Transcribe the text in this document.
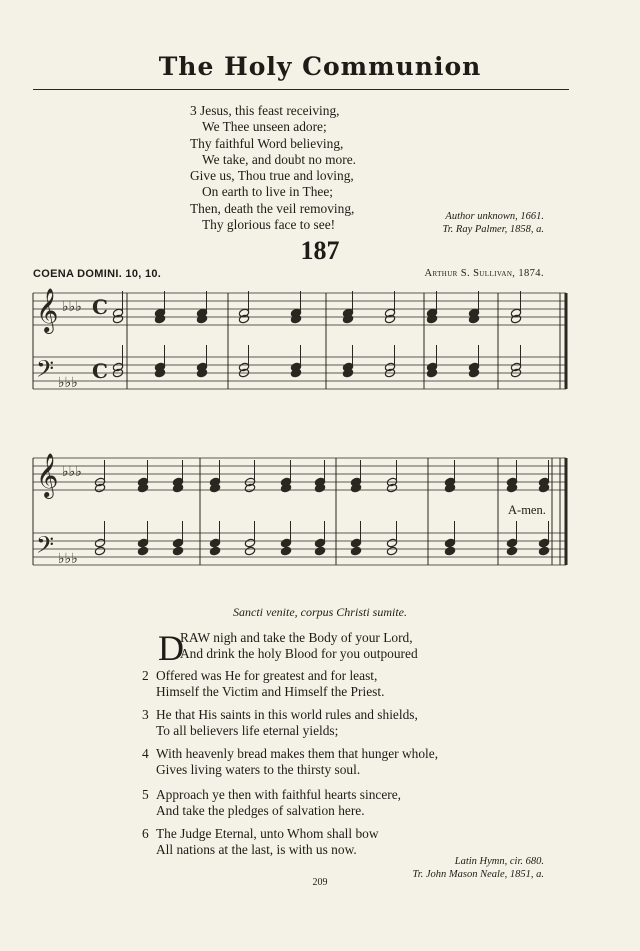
The Holy Communion
3 Jesus, this feast receiving,
We Thee unseen adore;
Thy faithful Word believing,
We take, and doubt no more.
Give us, Thou true and loving,
On earth to live in Thee;
Then, death the veil removing,
Thy glorious face to see!
Author unknown, 1661.
Tr. Ray Palmer, 1858, a.
187
COENA DOMINI. 10, 10.	Arthur S. Sullivan, 1874.
𝄞 ♭♭♭
𝄞 ♭♭♭
𝄢 ♭♭♭
𝄢 ♭♭♭
C
C
A-men.
Sancti venite, corpus Christi sumite.
D
RAW nigh and take the Body of your Lord,
And drink the holy Blood for you outpoured
2 Offered was He for greatest and for least,
Himself the Victim and Himself the Priest.
3 He that His saints in this world rules and shields,
To all believers life eternal yields;
4 With heavenly bread makes them that hunger whole,
Gives living waters to the thirsty soul.
5 Approach ye then with faithful hearts sincere,
And take the pledges of salvation here.
6 The Judge Eternal, unto Whom shall bow
All nations at the last, is with us now.
Latin Hymn, cir. 680.
Tr. John Mason Neale, 1851, a.
209
